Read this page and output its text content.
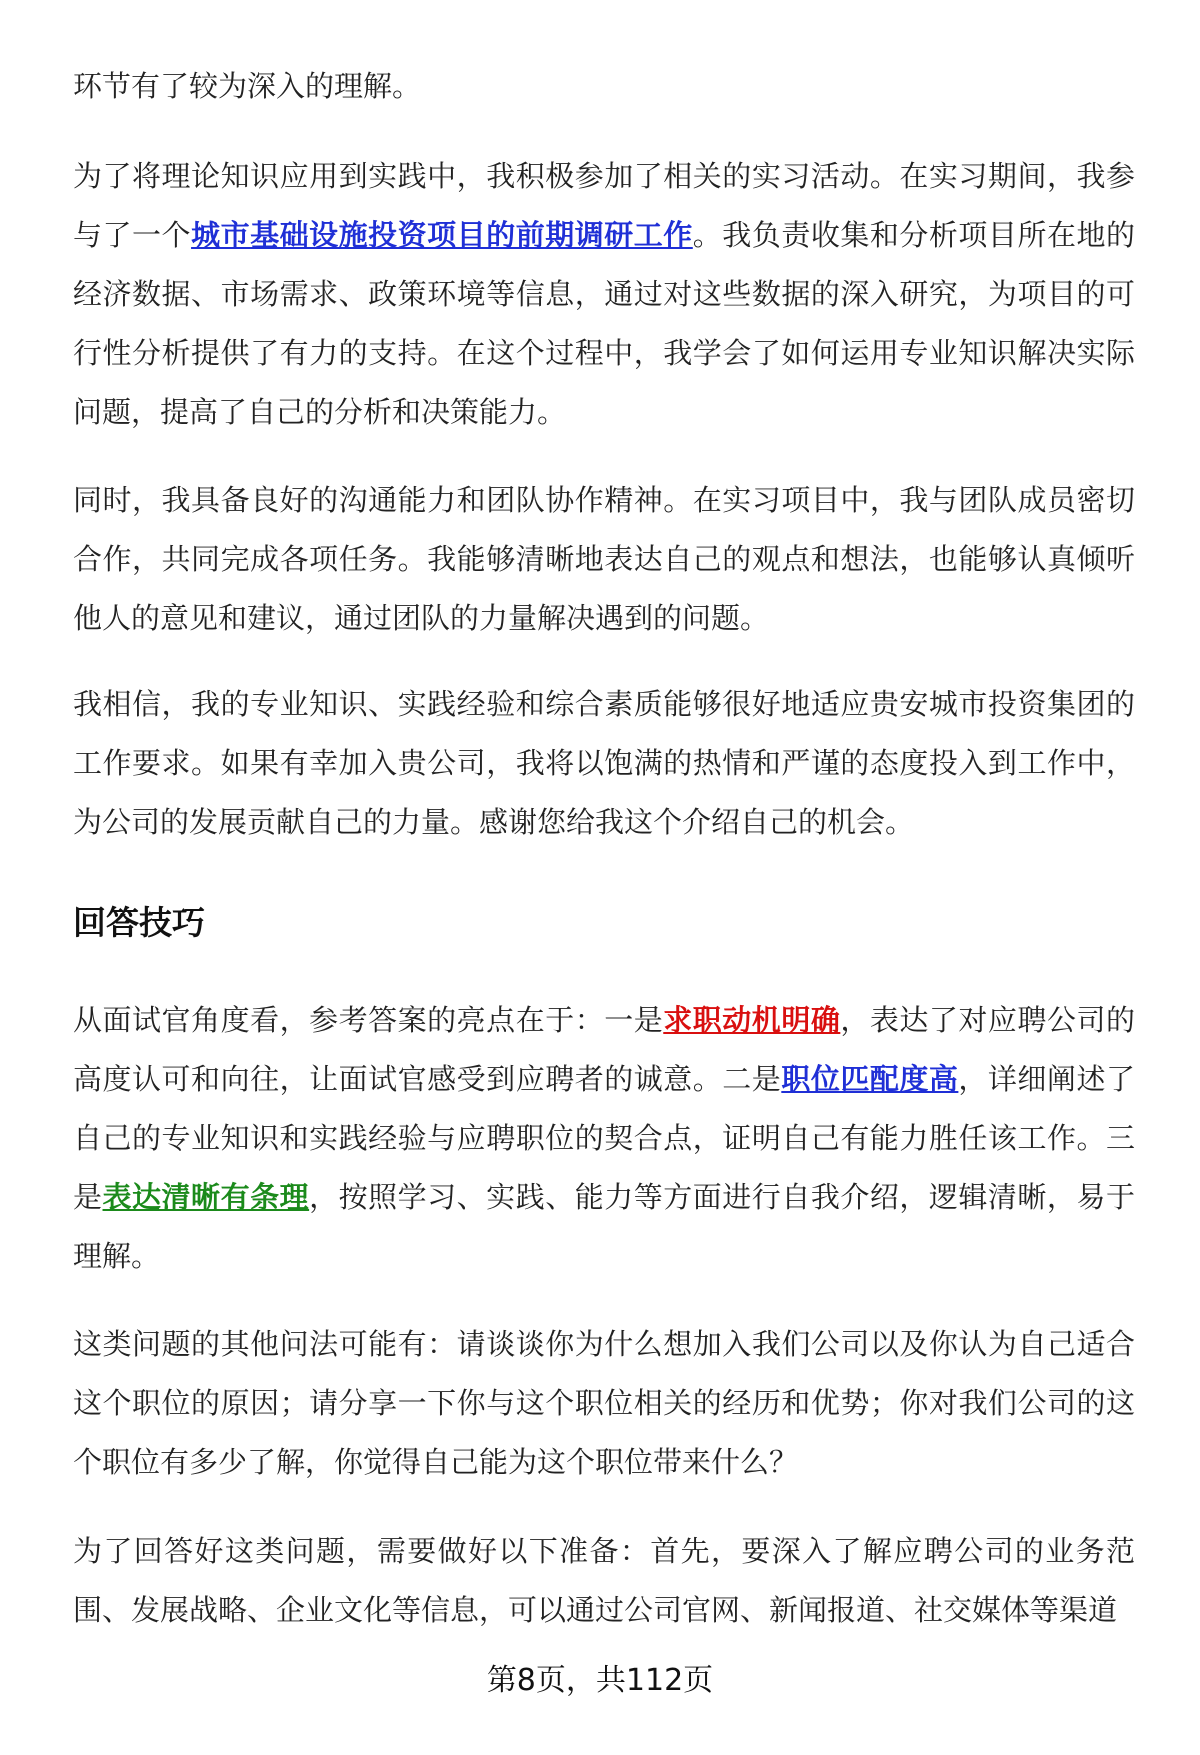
环节有了较为深入的理解。

为了将理论知识应用到实践中，我积极参加了相关的实习活动。在实习期间，我参与了一个城市基础设施投资项目的前期调研工作。我负责收集和分析项目所在地的经济数据、市场需求、政策环境等信息，通过对这些数据的深入研究，为项目的可行性分析提供了有力的支持。在这个过程中，我学会了如何运用专业知识解决实际问题，提高了自己的分析和决策能力。

同时，我具备良好的沟通能力和团队协作精神。在实习项目中，我与团队成员密切合作，共同完成各项任务。我能够清晰地表达自己的观点和想法，也能够认真倾听他人的意见和建议，通过团队的力量解决遇到的问题。

我相信，我的专业知识、实践经验和综合素质能够很好地适应贵安城市投资集团的工作要求。如果有幸加入贵公司，我将以饱满的热情和严谨的态度投入到工作中，为公司的发展贡献自己的力量。感谢您给我这个介绍自己的机会。

回答技巧

从面试官角度看，参考答案的亮点在于：一是求职动机明确，表达了对应聘公司的高度认可和向往，让面试官感受到应聘者的诚意。二是职位匹配度高，详细阐述了自己的专业知识和实践经验与应聘职位的契合点，证明自己有能力胜任该工作。三是表达清晰有条理，按照学习、实践、能力等方面进行自我介绍，逻辑清晰，易于理解。

这类问题的其他问法可能有：请谈谈你为什么想加入我们公司以及你认为自己适合这个职位的原因；请分享一下你与这个职位相关的经历和优势；你对我们公司的这个职位有多少了解，你觉得自己能为这个职位带来什么？

为了回答好这类问题，需要做好以下准备：首先，要深入了解应聘公司的业务范围、发展战略、企业文化等信息，可以通过公司官网、新闻报道、社交媒体等渠道

第8页，共112页
